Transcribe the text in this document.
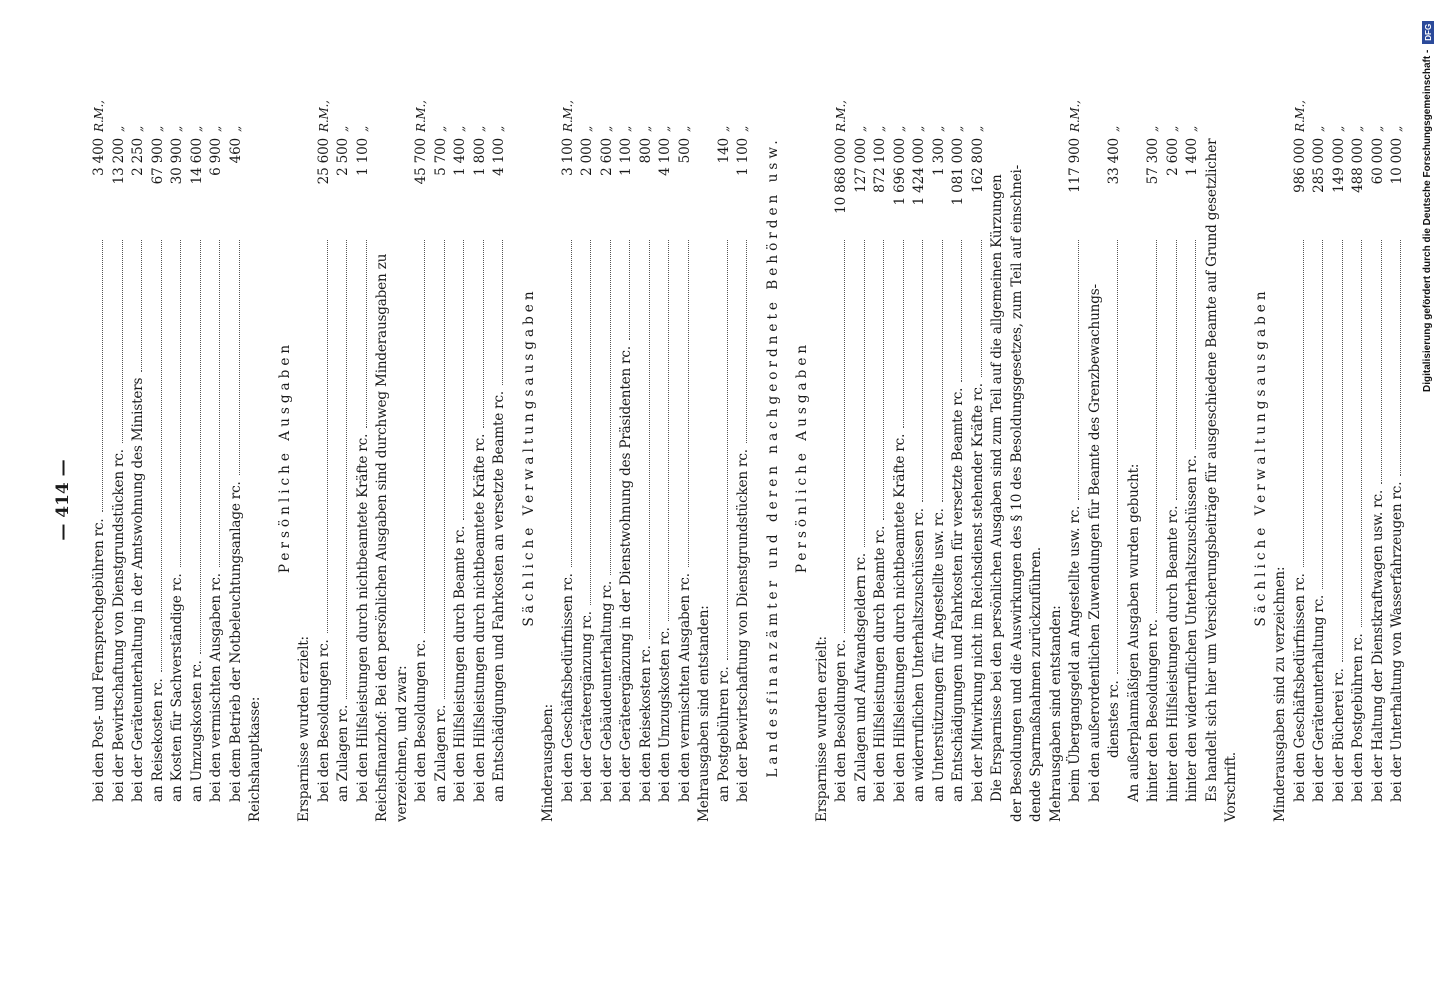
— 414 —
bei den Post- und Fernsprechgebühren rc.
3 400
R.M.,
bei der Bewirtschaftung von Dienstgrundstücken rc.
13 200
„
bei der Geräteunterhaltung in der Amtswohnung des Ministers
2 250
„
an Reisekosten rc.
67 900
„
an Kosten für Sachverständige rc.
30 900
„
an Umzugskosten rc.
14 600
„
bei den vermischten Ausgaben rc.
6 900
„
bei dem Betrieb der Notbeleuchtungsanlage rc.
460
„
Reichshauptkasse:
Persönliche Ausgaben
Ersparnisse wurden erzielt: bei den Besoldungen rc.
25 600
R.M.,
an Zulagen rc.
2 500
„
bei den Hilfsleistungen durch nichtbeamtete Kräfte rc.
1 100
„
Reichsfinanzhof: Bei den persönlichen Ausgaben sind durchweg Minderausgaben zu verzeichnen, und zwar: bei den Besoldungen rc.
45 700
R.M.,
an Zulagen rc.
5 700
„
bei den Hilfsleistungen durch Beamte rc.
1 400
„
bei den Hilfsleistungen durch nichtbeamtete Kräfte rc.
1 800
„
an Entschädigungen und Fahrkosten an versetzte Beamte rc.
4 100
„
Sächliche Verwaltungsausgaben
Minderausgaben: bei den Geschäftsbedürfnissen rc.
3 100
R.M.,
bei der Geräteergänzung rc.
2 000
„
bei der Gebäudeunterhaltung rc.
2 600
„
bei der Geräteergänzung in der Dienstwohnung des Präsidenten rc.
1 100
„
bei den Reisekosten rc.
800
„
bei den Umzugskosten rc.
4 100
„
bei den vermischten Ausgaben rc.
500
„
Mehrausgaben sind entstanden: an Postgebühren rc.
140
„
bei der Bewirtschaftung von Dienstgrundstücken rc.
1 100
„
Landesfinanzämter und deren nachgeordnete Behörden usw. Persönliche Ausgaben
Ersparnisse wurden erzielt: bei den Besoldungen rc.
10 868 000
R.M.,
an Zulagen und Aufwandsgeldern rc.
127 000
„
bei den Hilfsleistungen durch Beamte rc.
872 100
„
bei den Hilfsleistungen durch nichtbeamtete Kräfte rc.
1 696 000
„
an widerruflichen Unterhaltszuschüssen rc.
1 424 000
„
an Unterstützungen für Angestellte usw. rc.
1 300
„
an Entschädigungen und Fahrkosten für versetzte Beamte rc.
1 081 000
„
bei der Mitwirkung nicht im Reichsdienst stehender Kräfte rc.
162 800
„
Die Ersparnisse bei den persönlichen Ausgaben sind zum Teil auf die allgemeinen Kürzungen der Besoldungen und die Auswirkungen des § 10 des Besoldungsgesetzes, zum Teil auf einschnei- dende Sparmaßnahmen zurückzuführen. Mehrausgaben sind entstanden: beim Übergangsgeld an Angestellte usw. rc.
117 900
R.M.,
bei den außerordentlichen Zuwendungen für Beamte des Grenzbewachungs- dienstes rc.
33 400
„
An außerplanmäßigen Ausgaben wurden gebucht: hinter den Besoldungen rc.
57 300
„
hinter den Hilfsleistungen durch Beamte rc.
2 600
„
hinter den widerruflichen Unterhaltszuschüssen rc.
1 400
„
Es handelt sich hier um Versicherungsbeiträge für ausgeschiedene Beamte auf Grund gesetzlicher Vorschrift.
Sächliche Verwaltungsausgaben
Minderausgaben sind zu verzeichnen: bei den Geschäftsbedürfnissen rc.
986 000
R.M.,
bei der Geräteunterhaltung rc.
285 000
„
bei der Bücherei rc.
149 000
„
bei den Postgebühren rc.
488 000
„
bei der Haltung der Dienstkraftwagen usw. rc.
60 000
„
bei der Unterhaltung von Wasserfahrzeugen rc.
10 000
„	Digitalisierung gefördert durch die Deutsche Forschungsgemeinschaft -
DFG
